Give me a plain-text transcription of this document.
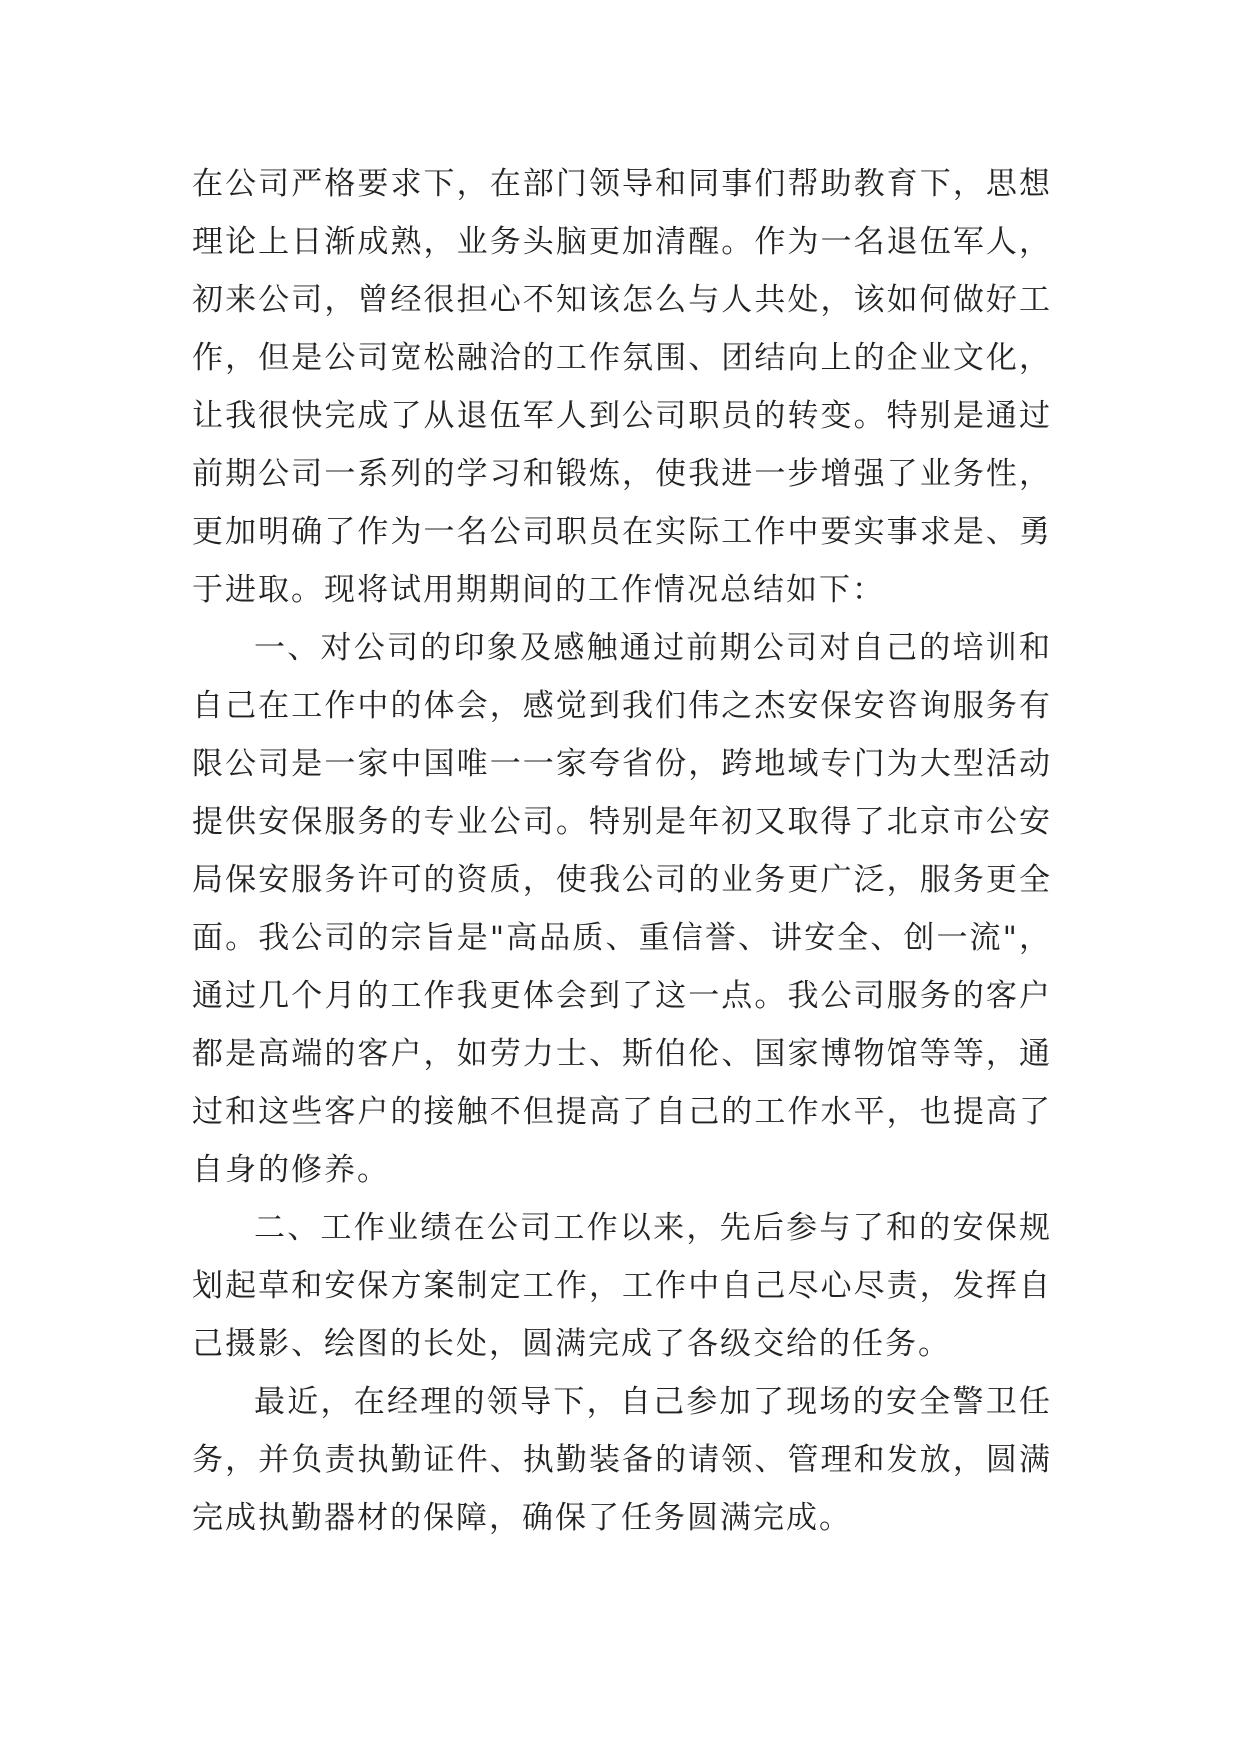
在公司严格要求下，在部门领导和同事们帮助教育下，思想理论上日渐成熟，业务头脑更加清醒。作为一名退伍军人，初来公司，曾经很担心不知该怎么与人共处，该如何做好工作，但是公司宽松融洽的工作氛围、团结向上的企业文化，让我很快完成了从退伍军人到公司职员的转变。特别是通过前期公司一系列的学习和锻炼，使我进一步增强了业务性，更加明确了作为一名公司职员在实际工作中要实事求是、勇于进取。现将试用期期间的工作情况总结如下：

一、对公司的印象及感触通过前期公司对自己的培训和自己在工作中的体会，感觉到我们伟之杰安保安咨询服务有限公司是一家中国唯一一家夸省份，跨地域专门为大型活动提供安保服务的专业公司。特别是年初又取得了北京市公安局保安服务许可的资质，使我公司的业务更广泛，服务更全面。我公司的宗旨是"高品质、重信誉、讲安全、创一流"，通过几个月的工作我更体会到了这一点。我公司服务的客户都是高端的客户，如劳力士、斯伯伦、国家博物馆等等，通过和这些客户的接触不但提高了自己的工作水平，也提高了自身的修养。

二、工作业绩在公司工作以来，先后参与了和的安保规划起草和安保方案制定工作，工作中自己尽心尽责，发挥自己摄影、绘图的长处，圆满完成了各级交给的任务。

最近，在经理的领导下，自己参加了现场的安全警卫任务，并负责执勤证件、执勤装备的请领、管理和发放，圆满完成执勤器材的保障，确保了任务圆满完成。
